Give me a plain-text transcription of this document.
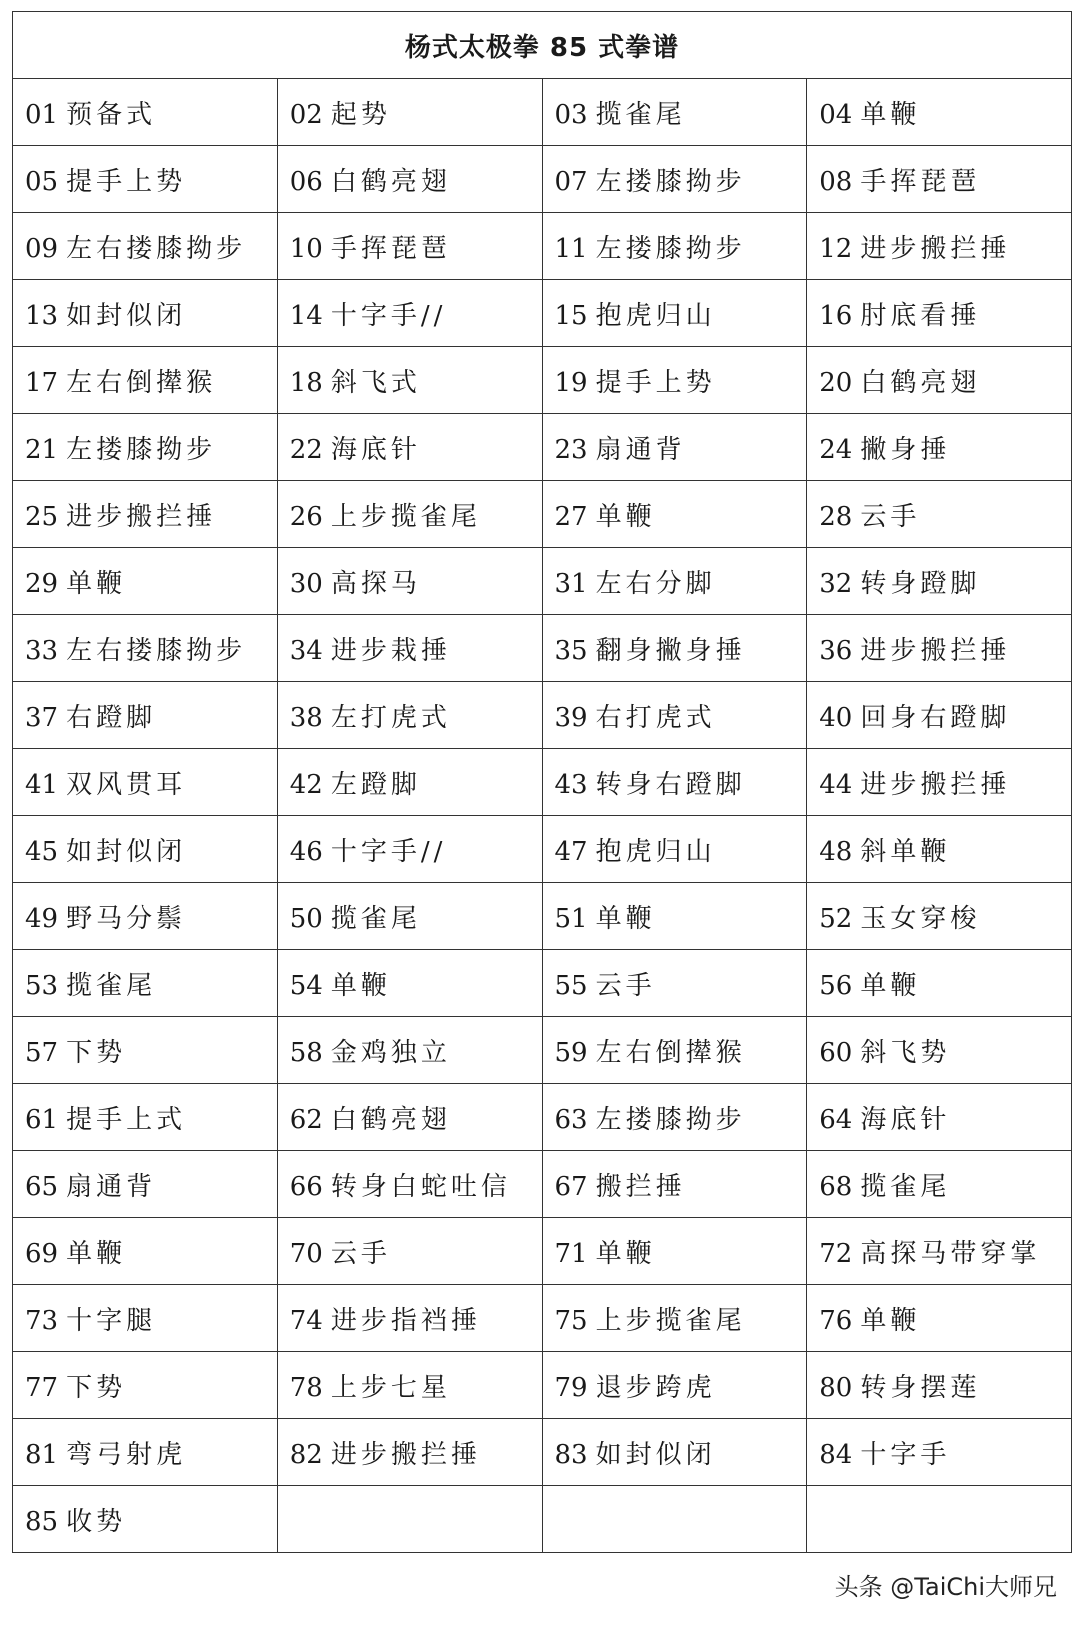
杨式太极拳 85 式拳谱			
01 预备式	02 起势	03 揽雀尾	04 单鞭
05 提手上势	06 白鹤亮翅	07 左搂膝拗步	08 手挥琵琶
09 左右搂膝拗步	10 手挥琵琶	11 左搂膝拗步	12 进步搬拦捶
13 如封似闭	14 十字手//	15 抱虎归山	16 肘底看捶
17 左右倒撵猴	18 斜飞式	19 提手上势	20 白鹤亮翅
21 左搂膝拗步	22 海底针	23 扇通背	24 撇身捶
25 进步搬拦捶	26 上步揽雀尾	27 单鞭	28 云手
29 单鞭	30 高探马	31 左右分脚	32 转身蹬脚
33 左右搂膝拗步	34 进步栽捶	35 翻身撇身捶	36 进步搬拦捶
37 右蹬脚	38 左打虎式	39 右打虎式	40 回身右蹬脚
41 双风贯耳	42 左蹬脚	43 转身右蹬脚	44 进步搬拦捶
45 如封似闭	46 十字手//	47 抱虎归山	48 斜单鞭
49 野马分鬃	50 揽雀尾	51 单鞭	52 玉女穿梭
53 揽雀尾	54 单鞭	55 云手	56 单鞭
57 下势	58 金鸡独立	59 左右倒撵猴	60 斜飞势
61 提手上式	62 白鹤亮翅	63 左搂膝拗步	64 海底针
65 扇通背	66 转身白蛇吐信	67 搬拦捶	68 揽雀尾
69 单鞭	70 云手	71 单鞭	72 高探马带穿掌
73 十字腿	74 进步指裆捶	75 上步揽雀尾	76 单鞭
77 下势	78 上步七星	79 退步跨虎	80 转身摆莲
81 弯弓射虎	82 进步搬拦捶	83 如封似闭	84 十字手
85 收势			
头条 @TaiChi大师兄
